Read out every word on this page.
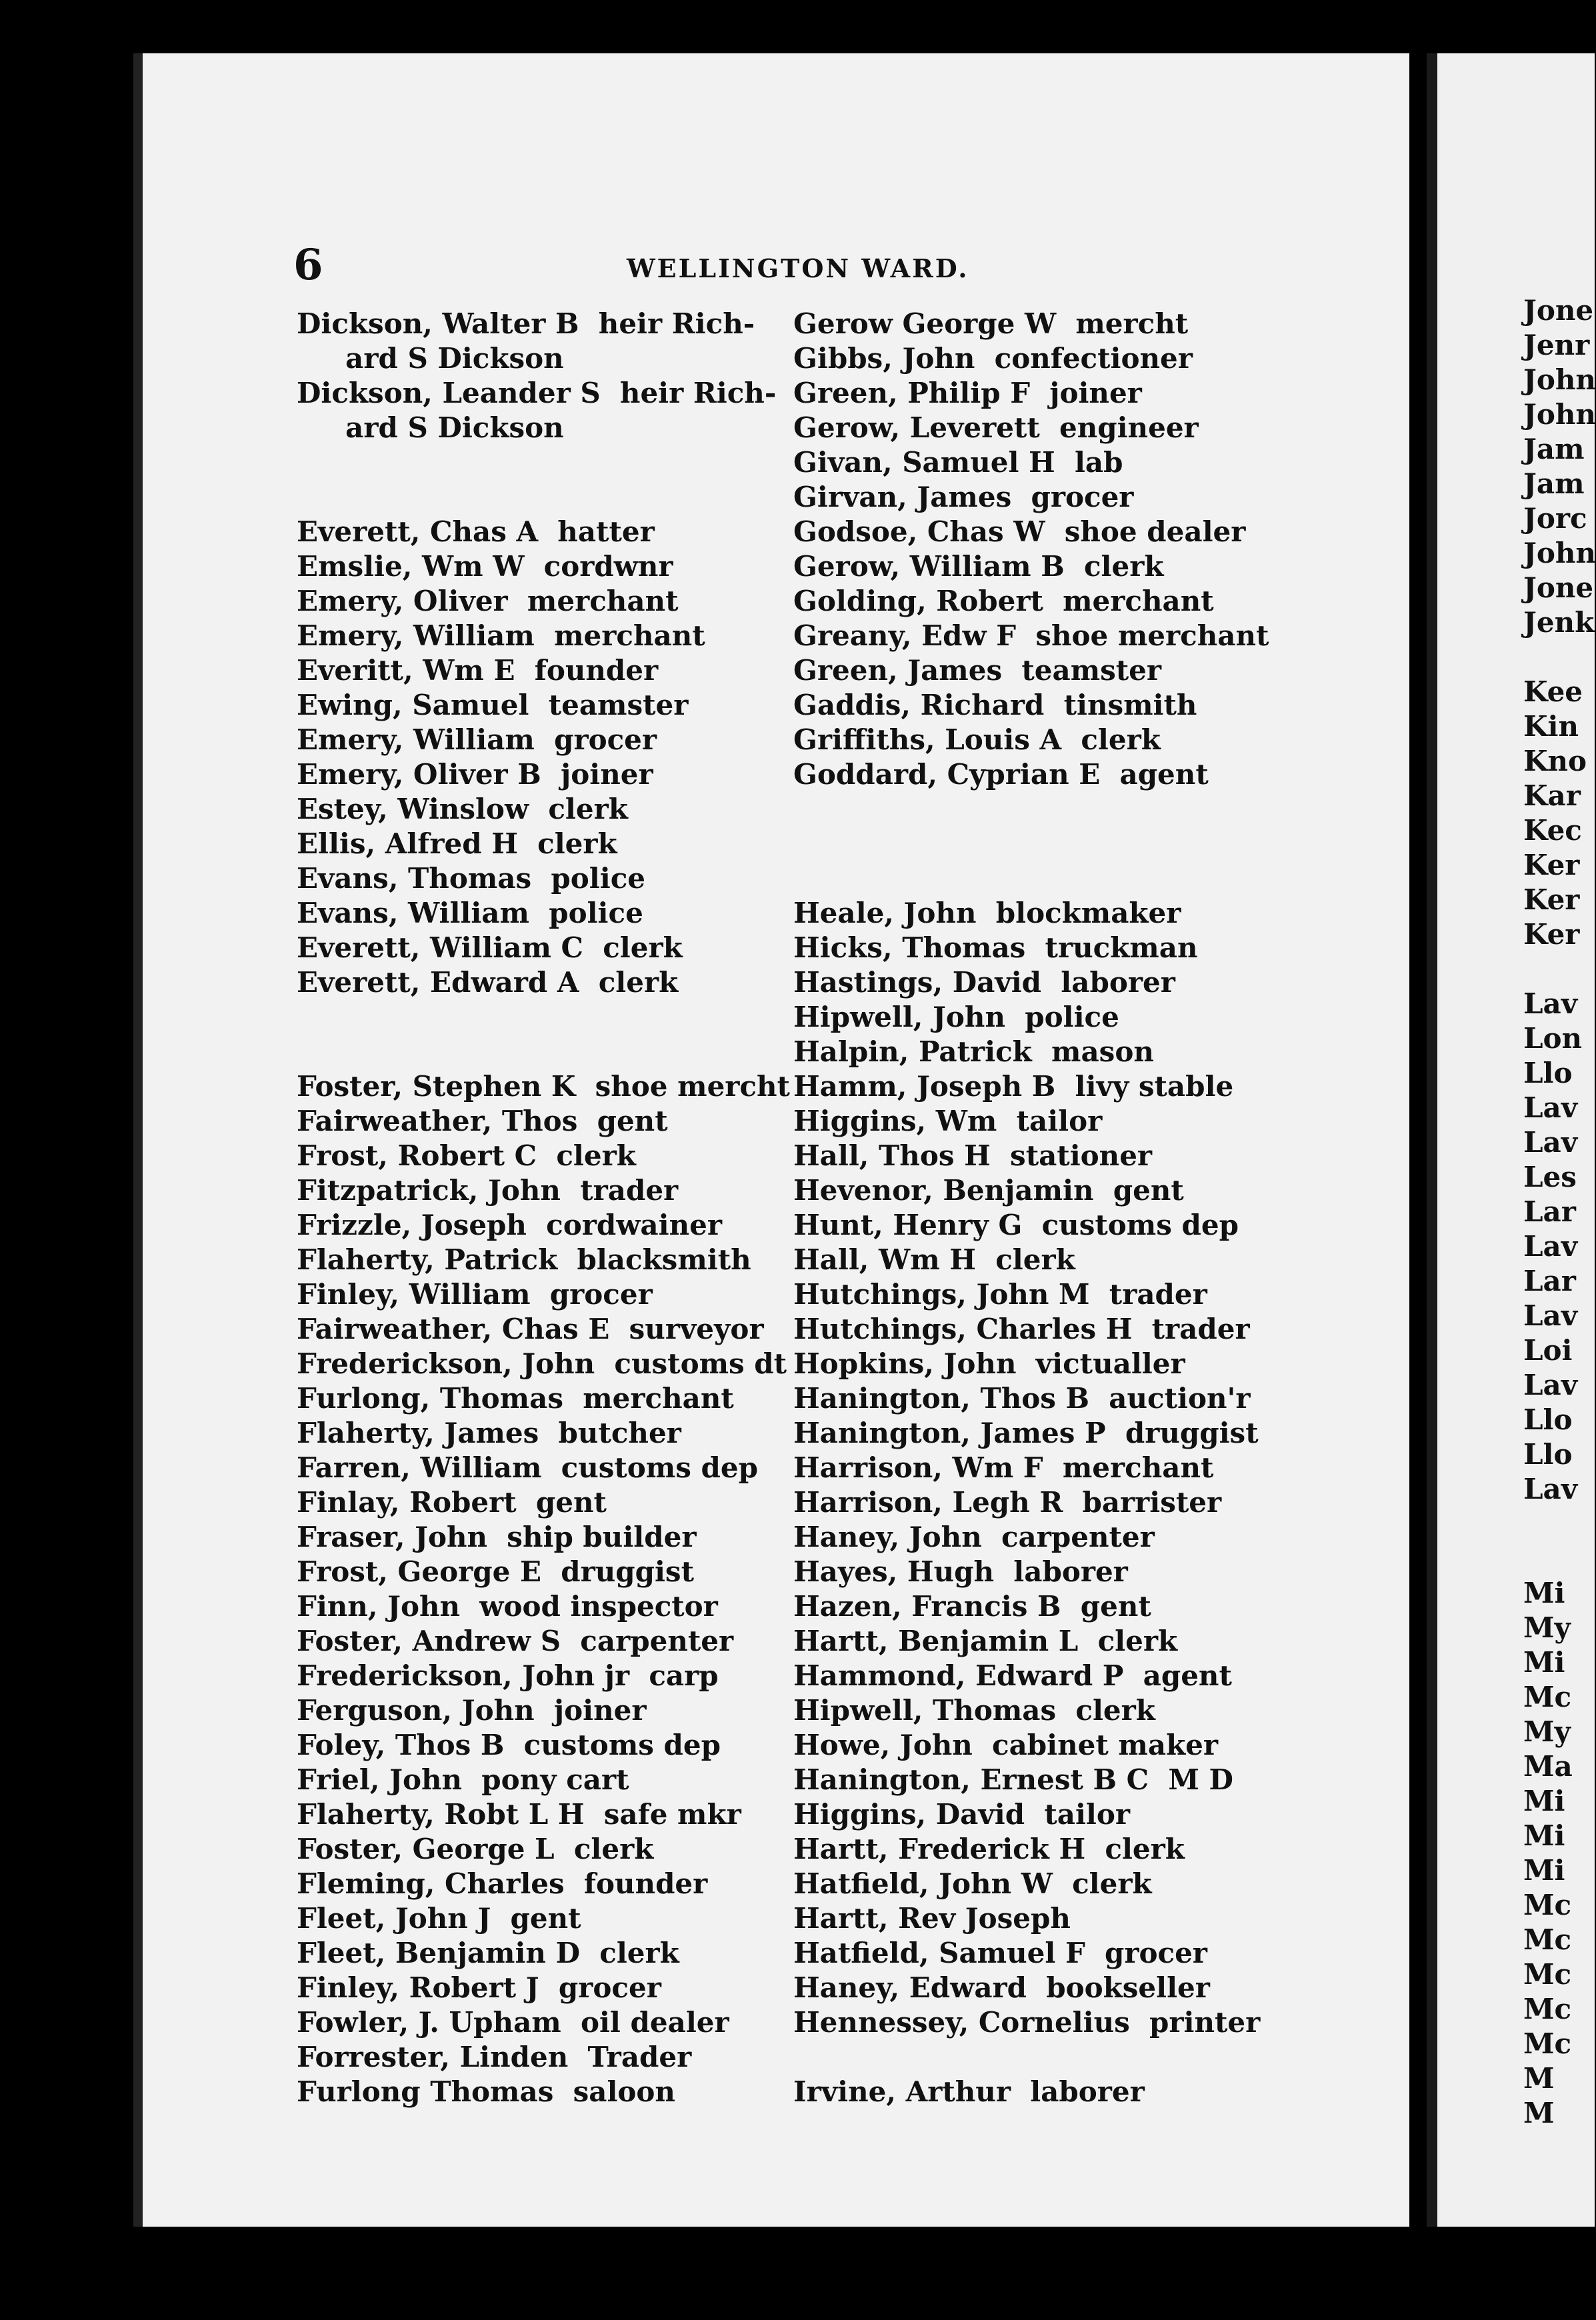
6	WELLINGTON WARD.
Dickson, Walter B  heir Rich-
ard S Dickson
Dickson, Leander S  heir Rich-
ard S Dickson
Everett, Chas A  hatter
Emslie, Wm W  cordwnr
Emery, Oliver  merchant
Emery, William  merchant
Everitt, Wm E  founder
Ewing, Samuel  teamster
Emery, William  grocer
Emery, Oliver B  joiner
Estey, Winslow  clerk
Ellis, Alfred H  clerk
Evans, Thomas  police
Evans, William  police
Everett, William C  clerk
Everett, Edward A  clerk
Foster, Stephen K  shoe mercht
Fairweather, Thos  gent
Frost, Robert C  clerk
Fitzpatrick, John  trader
Frizzle, Joseph  cordwainer
Flaherty, Patrick  blacksmith
Finley, William  grocer
Fairweather, Chas E  surveyor
Frederickson, John  customs dt
Furlong, Thomas  merchant
Flaherty, James  butcher
Farren, William  customs dep
Finlay, Robert  gent
Fraser, John  ship builder
Frost, George E  druggist
Finn, John  wood inspector
Foster, Andrew S  carpenter
Frederickson, John jr  carp
Ferguson, John  joiner
Foley, Thos B  customs dep
Friel, John  pony cart
Flaherty, Robt L H  safe mkr
Foster, George L  clerk
Fleming, Charles  founder
Fleet, John J  gent
Fleet, Benjamin D  clerk
Finley, Robert J  grocer
Fowler, J. Upham  oil dealer
Forrester, Linden  Trader
Furlong Thomas  saloon
Gerow George W  mercht
Gibbs, John  confectioner
Green, Philip F  joiner
Gerow, Leverett  engineer
Givan, Samuel H  lab
Girvan, James  grocer
Godsoe, Chas W  shoe dealer
Gerow, William B  clerk
Golding, Robert  merchant
Greany, Edw F  shoe merchant
Green, James  teamster
Gaddis, Richard  tinsmith
Griffiths, Louis A  clerk
Goddard, Cyprian E  agent
Heale, John  blockmaker
Hicks, Thomas  truckman
Hastings, David  laborer
Hipwell, John  police
Halpin, Patrick  mason
Hamm, Joseph B  livy stable
Higgins, Wm  tailor
Hall, Thos H  stationer
Hevenor, Benjamin  gent
Hunt, Henry G  customs dep
Hall, Wm H  clerk
Hutchings, John M  trader
Hutchings, Charles H  trader
Hopkins, John  victualler
Hanington, Thos B  auction'r
Hanington, James P  druggist
Harrison, Wm F  merchant
Harrison, Legh R  barrister
Haney, John  carpenter
Hayes, Hugh  laborer
Hazen, Francis B  gent
Hartt, Benjamin L  clerk
Hammond, Edward P  agent
Hipwell, Thomas  clerk
Howe, John  cabinet maker
Hanington, Ernest B C  M D
Higgins, David  tailor
Hartt, Frederick H  clerk
Hatfield, John W  clerk
Hartt, Rev Joseph
Hatfield, Samuel F  grocer
Haney, Edward  bookseller
Hennessey, Cornelius  printer
Irvine, Arthur  laborer
Jone
Jenr
John
John
Jam
Jam
Jorc
John
Jone
Jenk
Kee
Kin
Kno
Kar
Kec
Ker
Ker
Ker
Lav
Lon
Llo
Lav
Lav
Les
Lar
Lav
Lar
Lav
Loi
Lav
Llo
Llo
Lav
Mi
My
Mi
Mc
My
Ma
Mi
Mi
Mi
Mc
Mc
Mc
Mc
Mc
M
M
